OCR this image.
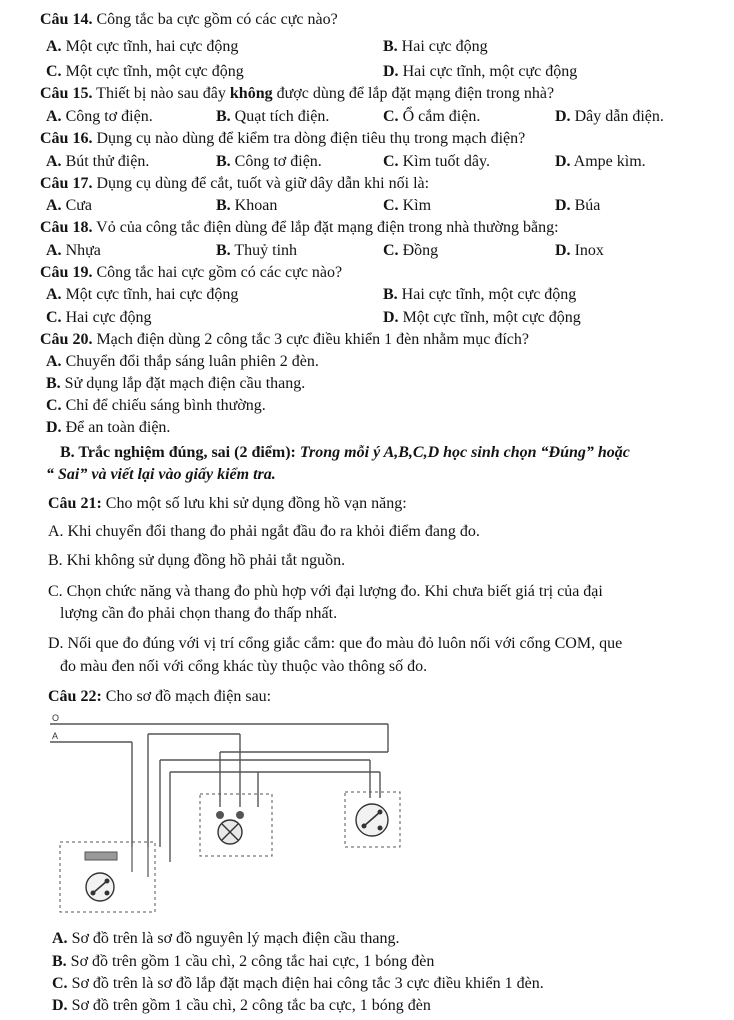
Câu 14. Công tắc ba cực gồm có các cực nào?
A. Một cực tĩnh, hai cực động	B. Hai cực động
C. Một cực tĩnh, một cực động	D. Hai cực tĩnh, một cực động
Câu 15. Thiết bị nào sau đây không được dùng để lắp đặt mạng điện trong nhà?
A. Công tơ điện.	B. Quạt tích điện.	C. Ổ cắm điện.	D. Dây dẫn điện.
Câu 16. Dụng cụ nào dùng để kiểm tra dòng điện tiêu thụ trong mạch điện?
A. Bút thử điện.	B. Công tơ điện.	C. Kìm tuốt dây.	D. Ampe kìm.
Câu 17. Dụng cụ dùng để cắt, tuốt và giữ dây dẫn khi nối là:
A. Cưa	B. Khoan	C. Kìm	D. Búa
Câu 18. Vỏ của công tắc điện dùng để lắp đặt mạng điện trong nhà thường bằng:
A. Nhựa	B. Thuỷ tinh	C. Đồng	D. Inox
Câu 19. Công tắc hai cực gồm có các cực nào?
A. Một cực tĩnh, hai cực động	B. Hai cực tĩnh, một cực động
C. Hai cực động	D. Một cực tĩnh, một cực động
Câu 20. Mạch điện dùng 2 công tắc 3 cực điều khiển 1 đèn nhằm mục đích?
A. Chuyển đổi thắp sáng luân phiên 2 đèn.
B. Sử dụng lắp đặt mạch điện cầu thang.
C. Chỉ để chiếu sáng bình thường.
D. Để an toàn điện.
B. Trắc nghiệm đúng, sai (2 điểm): Trong mỗi ý A,B,C,D học sinh chọn “Đúng” hoặc
“ Sai” và viết lại vào giấy kiểm tra.
Câu 21: Cho một số lưu khi sử dụng đồng hồ vạn năng:
A. Khi chuyển đổi thang đo phải ngắt đầu đo ra khỏi điểm đang đo.
B. Khi không sử dụng đồng hồ phải tắt nguồn.
C. Chọn chức năng và thang đo phù hợp với đại lượng đo. Khi chưa biết giá trị của đại
lượng cần đo phải chọn thang đo thấp nhất.
D. Nối que đo đúng với vị trí cổng giắc cắm: que đo màu đỏ luôn nối với cổng COM, que
đo màu đen nối với cổng khác tùy thuộc vào thông số đo.
Câu 22: Cho sơ đồ mạch điện sau:
O
A
A. Sơ đồ trên là sơ đồ nguyên lý mạch điện cầu thang.
B. Sơ đồ trên gồm 1 cầu chì, 2 công tắc hai cực, 1 bóng đèn
C. Sơ đồ trên là sơ đồ lắp đặt mạch điện hai công tắc 3 cực điều khiển 1 đèn.
D. Sơ đồ trên gồm 1 cầu chì, 2 công tắc ba cực, 1 bóng đèn
